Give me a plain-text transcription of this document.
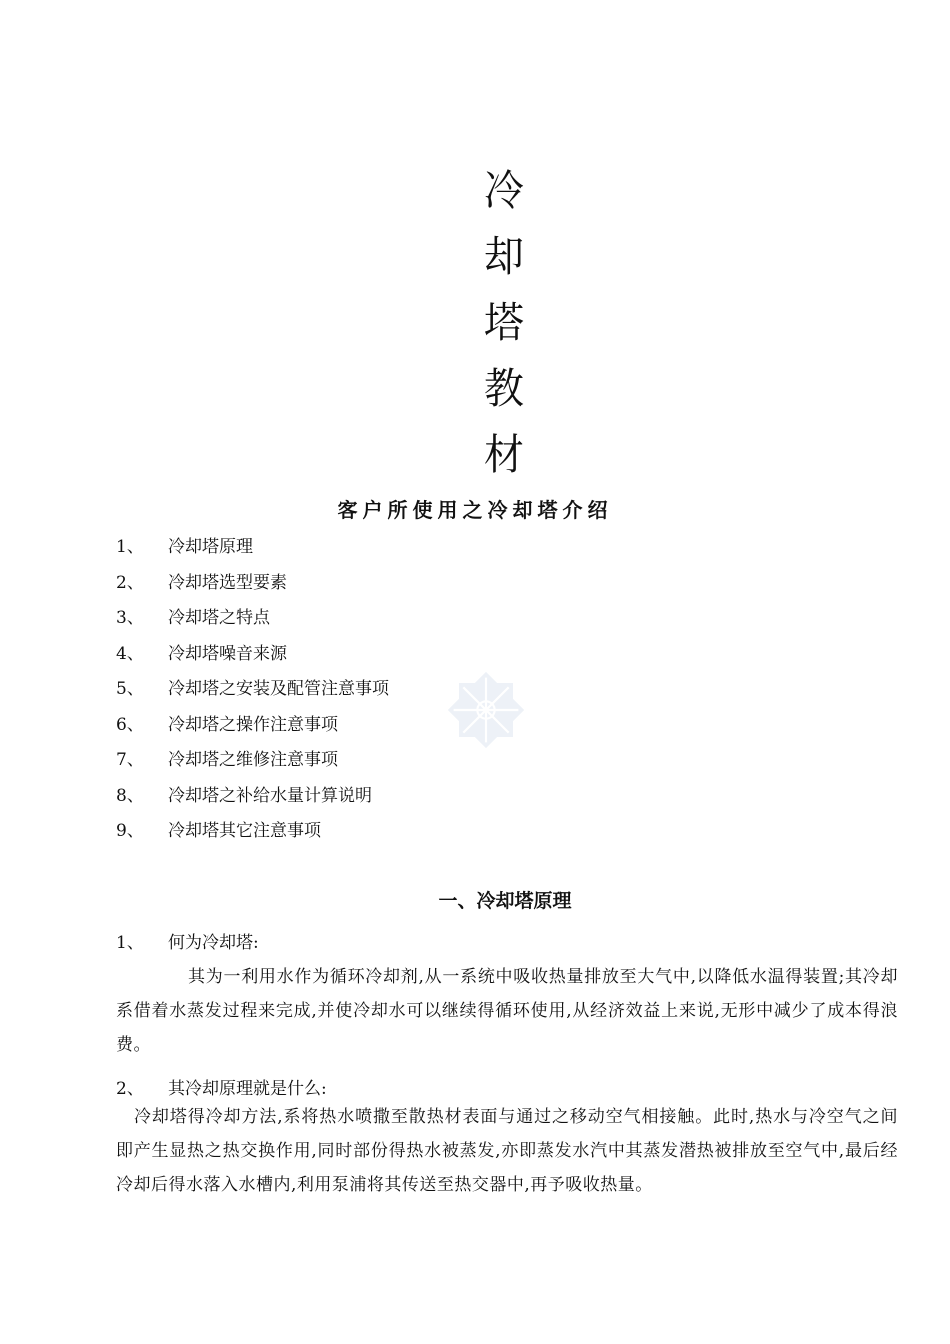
冷
却
塔
教
材
客户所使用之冷却塔介绍
1、	冷却塔原理
2、	冷却塔选型要素
3、	冷却塔之特点
4、	冷却塔噪音来源
5、	冷却塔之安装及配管注意事项
6、	冷却塔之操作注意事项
7、	冷却塔之维修注意事项
8、	冷却塔之补给水量计算说明
9、	冷却塔其它注意事项
一、冷却塔原理
1、	何为冷却塔:

其为一利用水作为循环冷却剂,从一系统中吸收热量排放至大气中,以降低水温得装置;其冷却系借着水蒸发过程来完成,并使冷却水可以继续得循环使用,从经济效益上来说,无形中减少了成本得浪费。

2、	其冷却原理就是什么:

冷却塔得冷却方法,系将热水喷撒至散热材表面与通过之移动空气相接触。此时,热水与冷空气之间即产生显热之热交换作用,同时部份得热水被蒸发,亦即蒸发水汽中其蒸发潜热被排放至空气中,最后经冷却后得水落入水槽内,利用泵浦将其传送至热交器中,再予吸收热量。
